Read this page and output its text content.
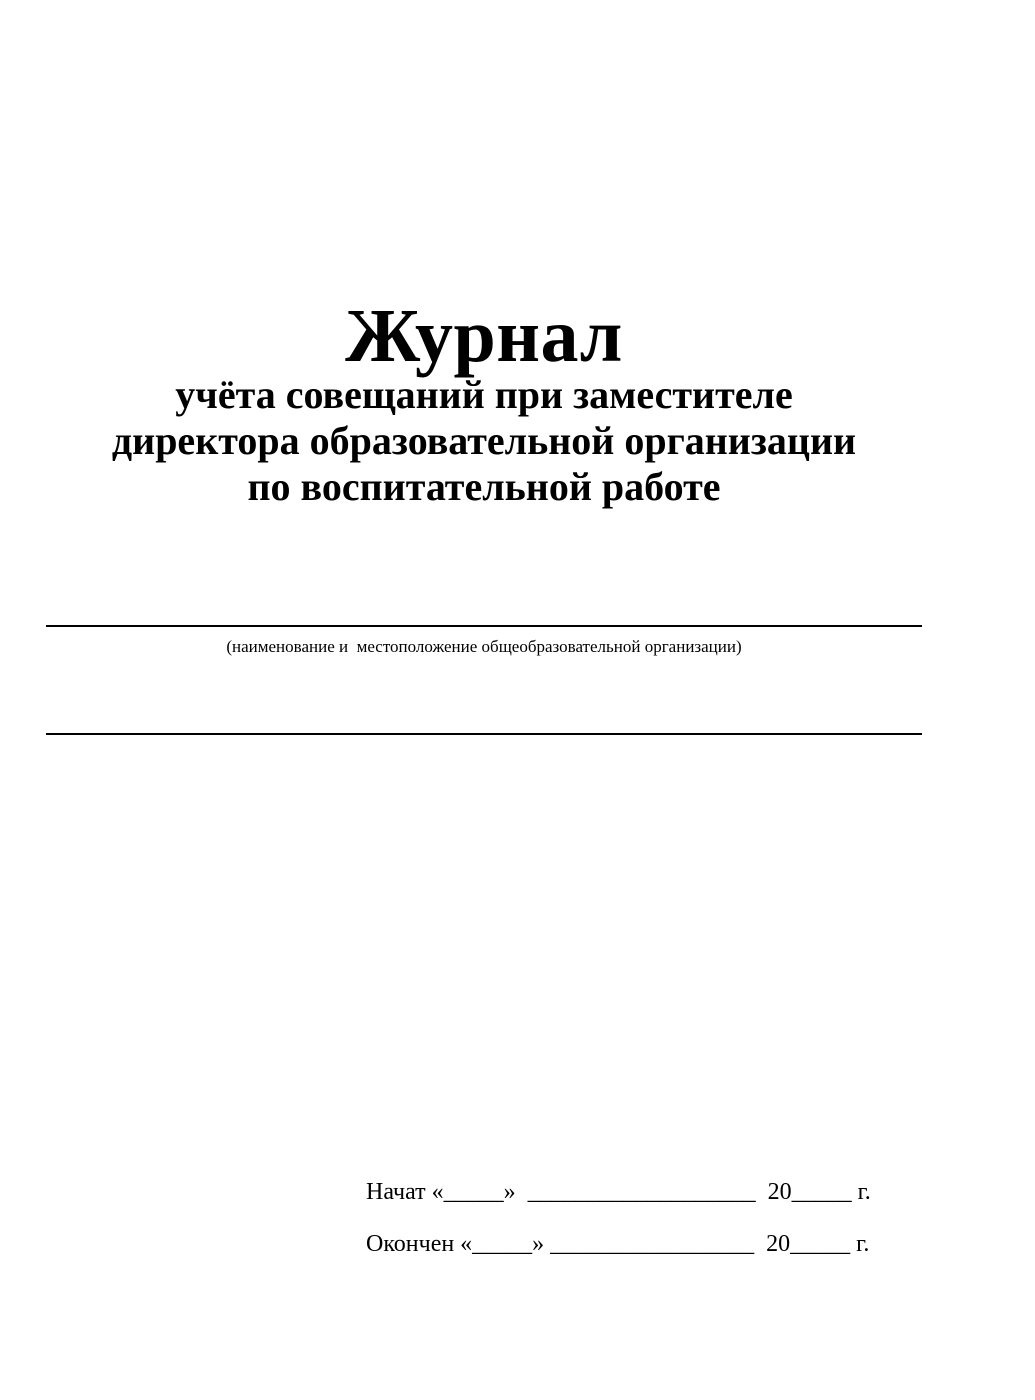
Журнал
учёта совещаний при заместителе
директора образовательной организации
по воспитательной работе
(наименование и  местоположение общеобразовательной организации)
Начат «_____»  ___________________  20_____ г.
Окончен «_____» _________________  20_____ г.
